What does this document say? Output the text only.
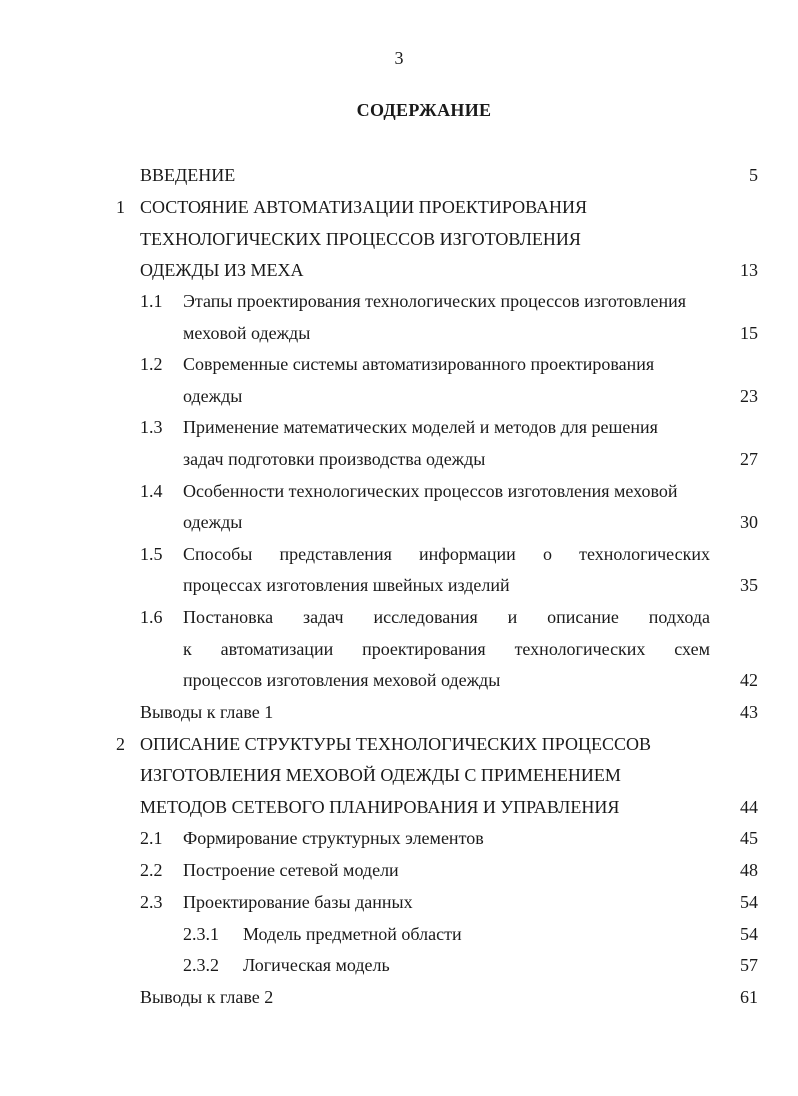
3
СОДЕРЖАНИЕ
ВВЕДЕНИЕ	5
1 СОСТОЯНИЕ АВТОМАТИЗАЦИИ ПРОЕКТИРОВАНИЯ
ТЕХНОЛОГИЧЕСКИХ ПРОЦЕССОВ ИЗГОТОВЛЕНИЯ
ОДЕЖДЫ ИЗ МЕХА	13
1.1 Этапы проектирования технологических процессов изготовления
меховой одежды	15
1.2 Современные системы автоматизированного проектирования
одежды	23
1.3 Применение математических моделей и методов для решения
задач подготовки производства одежды	27
1.4 Особенности технологических процессов изготовления меховой
одежды	30
1.5 Способы представления информации о технологических
процессах изготовления швейных изделий	35
1.6 Постановка задач исследования и описание подхода
к автоматизации проектирования технологических схем
процессов изготовления меховой одежды	42
Выводы к главе 1	43
2 ОПИСАНИЕ СТРУКТУРЫ ТЕХНОЛОГИЧЕСКИХ ПРОЦЕССОВ
ИЗГОТОВЛЕНИЯ МЕХОВОЙ ОДЕЖДЫ С ПРИМЕНЕНИЕМ
МЕТОДОВ СЕТЕВОГО ПЛАНИРОВАНИЯ И УПРАВЛЕНИЯ	44
2.1 Формирование структурных элементов	45
2.2 Построение сетевой модели	48
2.3 Проектирование базы данных	54
2.3.1 Модель предметной области	54
2.3.2 Логическая модель	57
Выводы к главе 2	61
